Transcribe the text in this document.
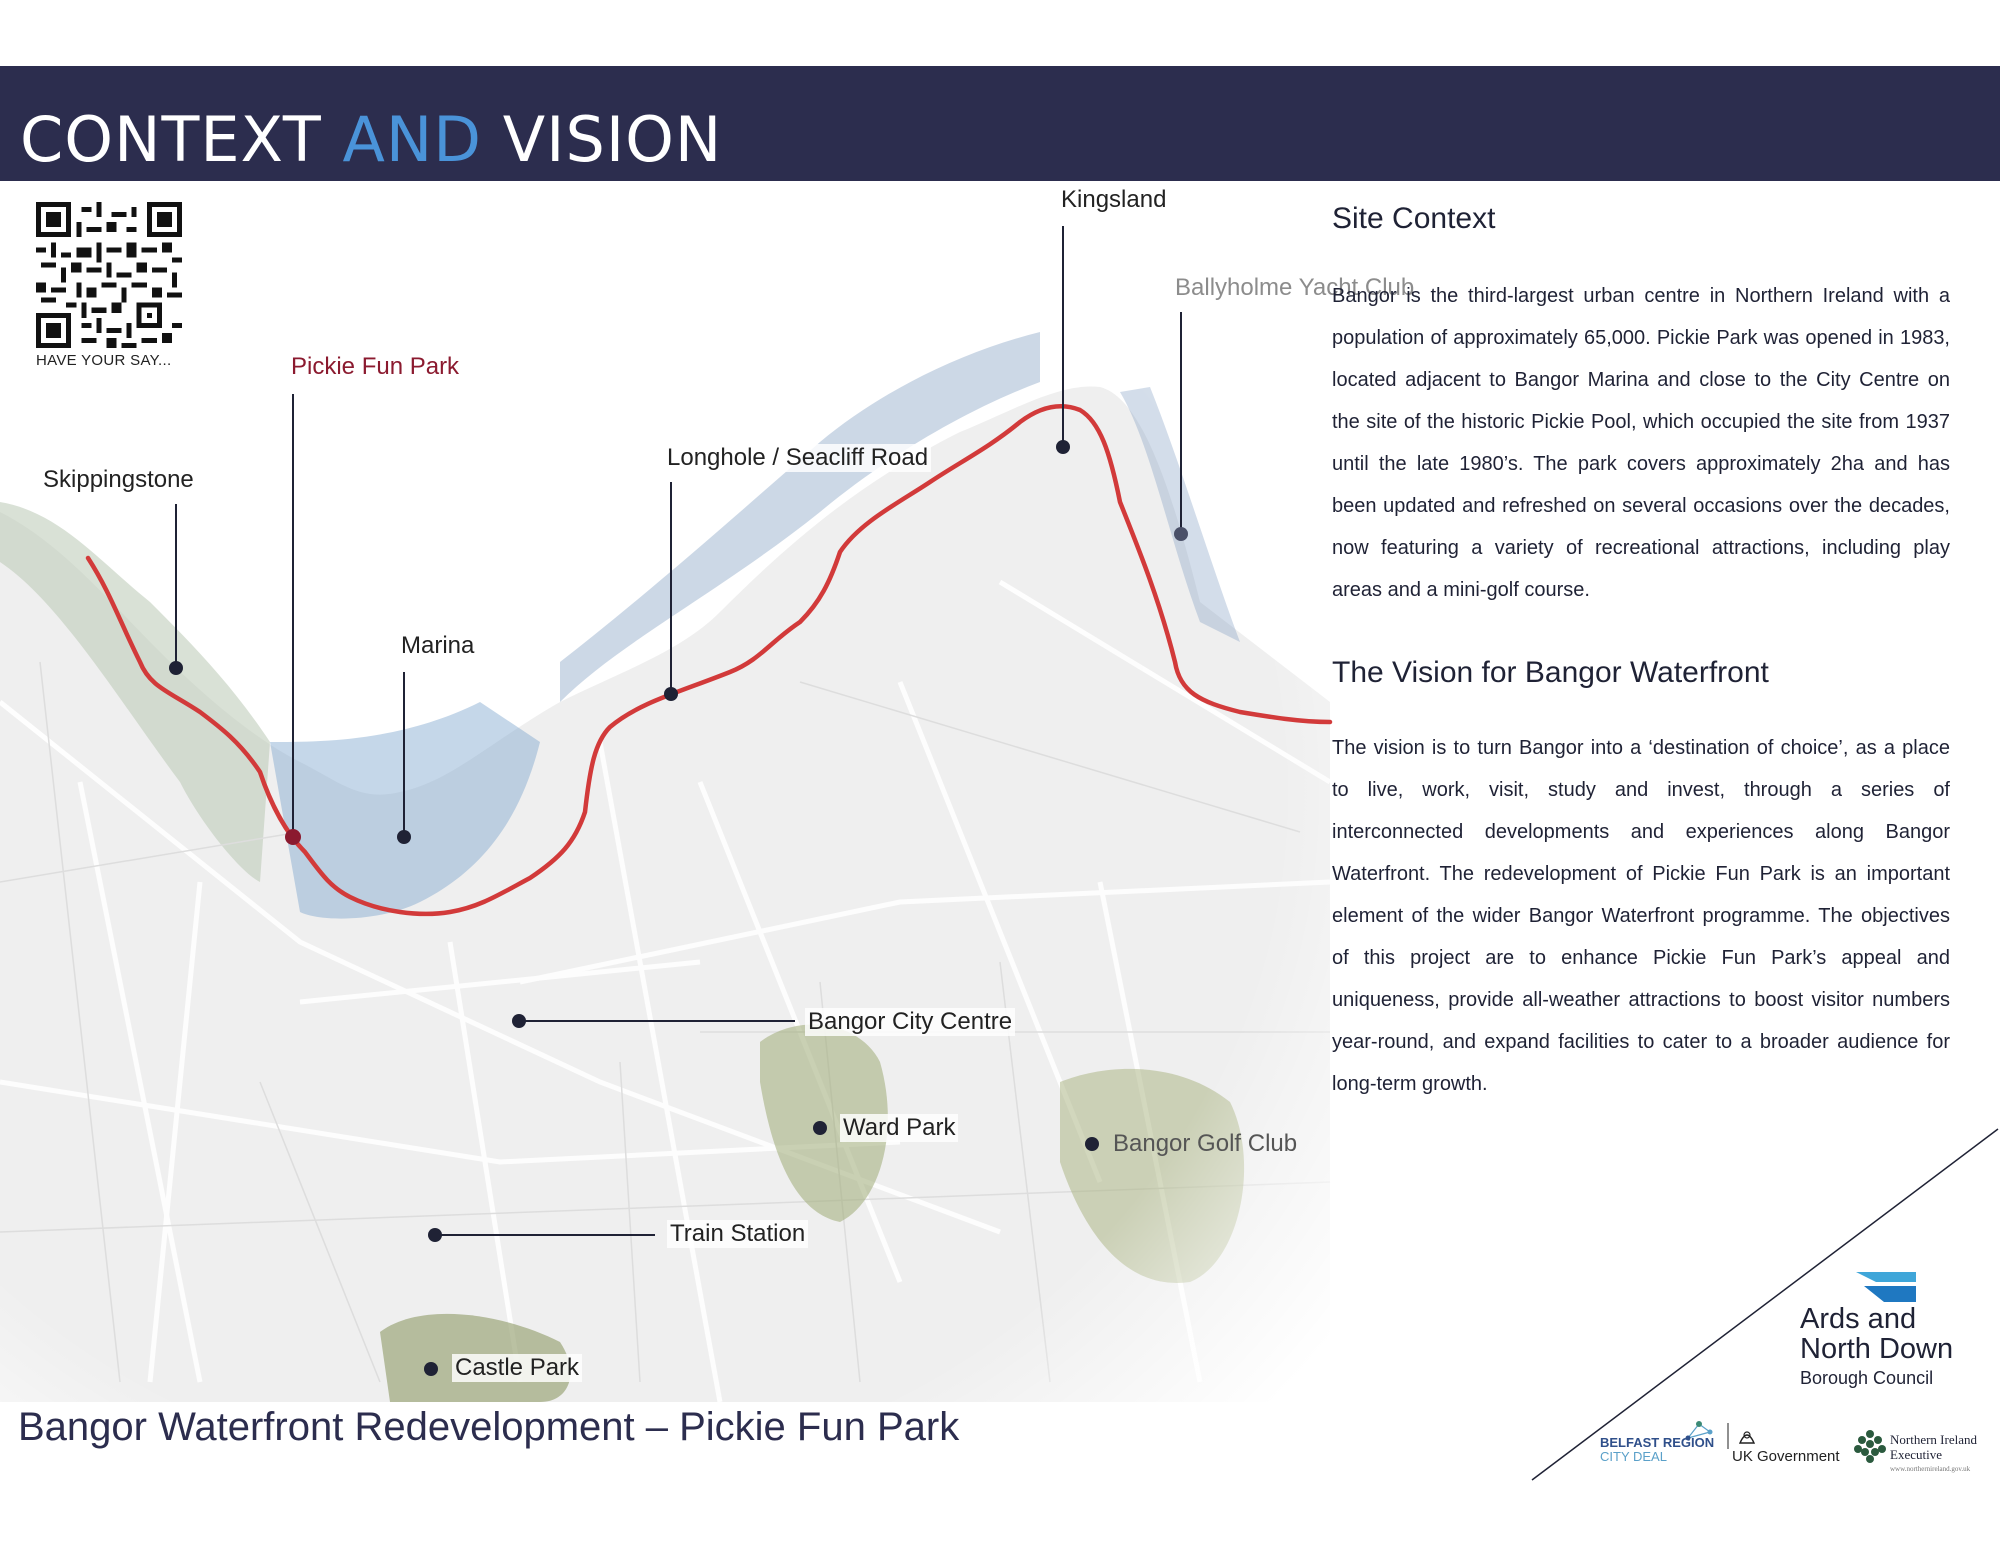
CONTEXT AND VISION
Kingsland
Ballyholme Yacht Club
Pickie Fun Park
Skippingstone
Longhole / Seacliff Road
Marina
Bangor City Centre
Ward Park
Bangor Golf Club
Train Station
Castle Park
HAVE YOUR SAY...
Site Context

Bangor is the third-largest urban centre in Northern Ireland with a population of approximately 65,000. Pickie Park was opened in 1983, located adjacent to Bangor Marina and close to the City Centre on the site of the historic Pickie Pool, which occupied the site from 1937 until the late 1980’s. The park covers approximately 2ha and has been updated and refreshed on several occasions over the decades, now featuring a variety of recreational attractions, including play areas and a mini-golf course.

The Vision for Bangor Waterfront

The vision is to turn Bangor into a ‘destination of choice’, as a place to live, work, visit, study and invest, through a series of interconnected developments and experiences along Bangor Waterfront. The redevelopment of Pickie Fun Park is an important element of the wider Bangor Waterfront programme. The objectives of this project are to enhance Pickie Fun Park’s appeal and uniqueness, provide all-weather attractions to boost visitor numbers year-round, and expand facilities to cater to a broader audience for long-term growth.

Bangor Waterfront Redevelopment – Pickie Fun Park
Ards and
North Down
Borough Council
BELFAST REGION
CITY DEAL	UK Government
Northern Ireland
Executive
www.northernireland.gov.uk
